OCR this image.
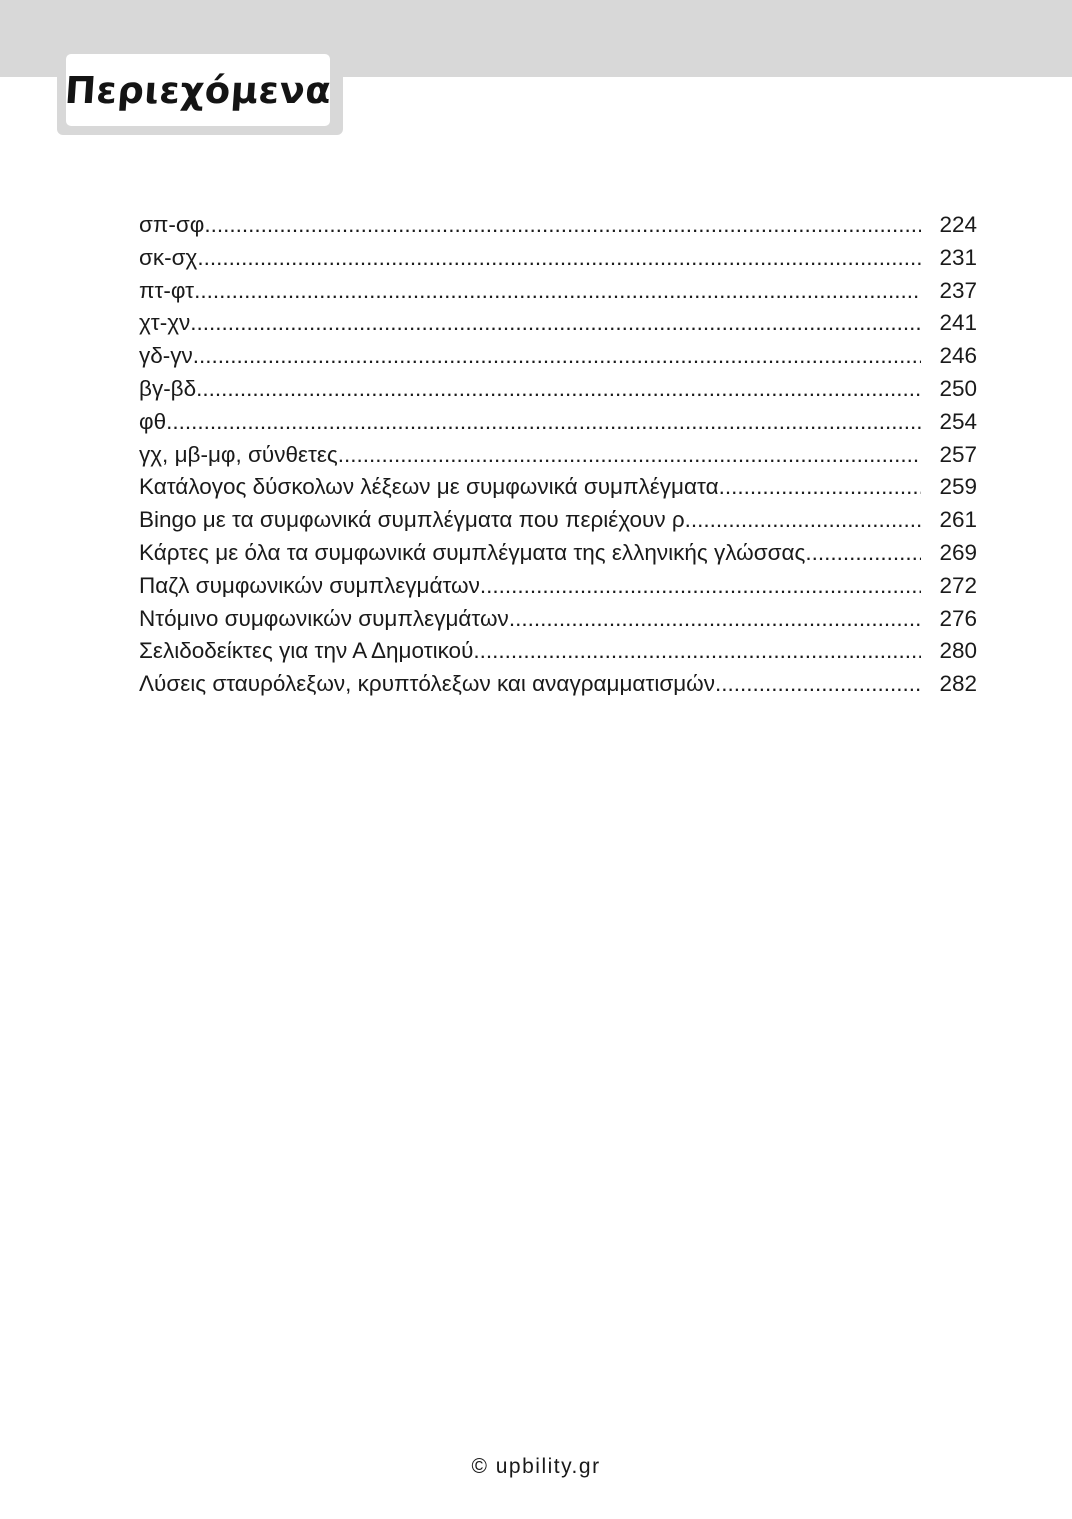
Περιεχόμενα
σπ-σφ .....	224
σκ-σχ .....	231
πτ-φτ .....	237
χτ-χν .....	241
γδ-γν .....	246
βγ-βδ .....	250
φθ .....	254
γχ, μβ-μφ, σύνθετες .....	257
Κατάλογος δύσκολων λέξεων με συμφωνικά συμπλέγματα .....	259
Bingo με τα συμφωνικά συμπλέγματα που περιέχουν ρ .....	261
Κάρτες με όλα τα συμφωνικά συμπλέγματα της ελληνικής γλώσσας .....	269
Παζλ συμφωνικών συμπλεγμάτων .....	272
Ντόμινο συμφωνικών συμπλεγμάτων .....	276
Σελιδοδείκτες για την Α Δημοτικού .....	280
Λύσεις σταυρόλεξων, κρυπτόλεξων και αναγραμματισμών .....	282
© upbility.gr
